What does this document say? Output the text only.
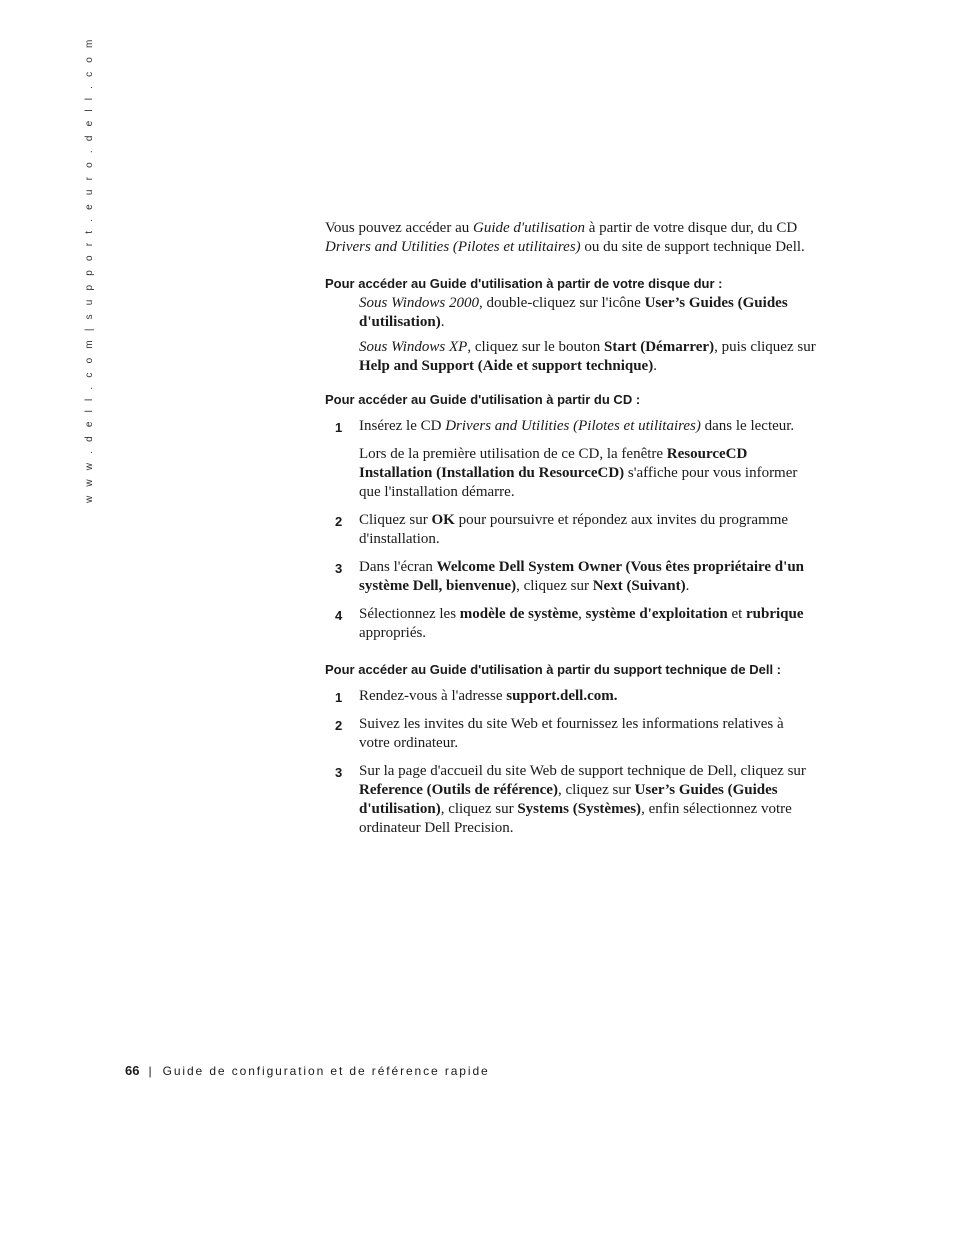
w w w . d e l l . c o m | s u p p o r t . e u r o . d e l l . c o m	Vous pouvez accéder au Guide d'utilisation à partir de votre disque dur, du CD Drivers and Utilities (Pilotes et utilitaires) ou du site de support technique Dell.

Pour accéder au Guide d'utilisation à partir de votre disque dur :

Sous Windows 2000, double-cliquez sur l'icône User’s Guides (Guides d'utilisation).

Sous Windows XP, cliquez sur le bouton Start (Démarrer), puis cliquez sur Help and Support (Aide et support technique).

Pour accéder au Guide d'utilisation à partir du CD :
1 Insérez le CD Drivers and Utilities (Pilotes et utilitaires) dans le lecteur.

Lors de la première utilisation de ce CD, la fenêtre ResourceCD Installation (Installation du ResourceCD) s'affiche pour vous informer que l'installation démarre.

2 Cliquez sur OK pour poursuivre et répondez aux invites du programme d'installation.

3 Dans l'écran Welcome Dell System Owner (Vous êtes propriétaire d'un système Dell, bienvenue), cliquez sur Next (Suivant).

4 Sélectionnez les modèle de système, système d'exploitation et rubrique appropriés.

Pour accéder au Guide d'utilisation à partir du support technique de Dell :
1 Rendez-vous à l'adresse support.dell.com.

2 Suivez les invites du site Web et fournissez les informations relatives à votre ordinateur.

3 Sur la page d'accueil du site Web de support technique de Dell, cliquez sur Reference (Outils de référence), cliquez sur User’s Guides (Guides d'utilisation), cliquez sur Systems (Systèmes), enfin sélectionnez votre ordinateur Dell Precision.

66 | Guide de configuration et de référence rapide
